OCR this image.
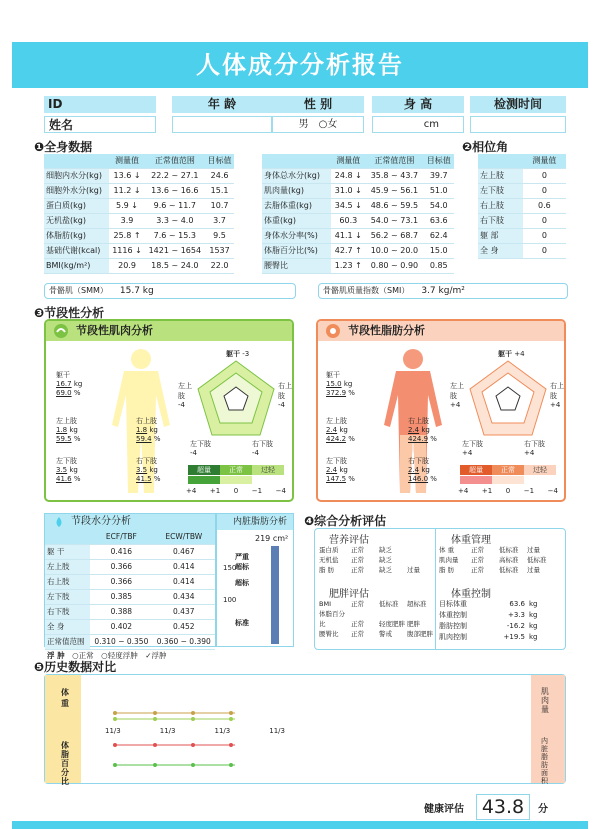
人体成分分析报告
ID
姓名
年 龄	性 别
男　○女
身 高
cm
检测时间
❶全身数据
	测量值	正常值范围	目标值
细胞内水分(kg)	13.6 ↓	22.2 ~ 27.1	24.6
细胞外水分(kg)	11.2 ↓	13.6 ~ 16.6	15.1
蛋白质(kg)	5.9 ↓	9.6 ~ 11.7	10.7
无机盐(kg)	3.9	3.3 ~ 4.0	3.7
体脂肪(kg)	25.8 ↑	7.6 ~ 15.3	9.5
基础代谢(kcal)	1116 ↓	1421 ~ 1654	1537
BMI(kg/m²)	20.9	18.5 ~ 24.0	22.0
	测量值	正常值范围	目标值
身体总水分(kg)	24.8 ↓	35.8 ~ 43.7	39.7
肌肉量(kg)	31.0 ↓	45.9 ~ 56.1	51.0
去脂体重(kg)	34.5 ↓	48.6 ~ 59.5	54.0
体重(kg)	60.3	54.0 ~ 73.1	63.6
身体水分率(%)	41.1 ↓	56.2 ~ 68.7	62.4
体脂百分比(%)	42.7 ↑	10.0 ~ 20.0	15.0
腰臀比	1.23 ↑	0.80 ~ 0.90	0.85
骨骼肌（SMM）　　 15.7 kg	骨骼肌质量指数（SMI）　　 3.7 kg/m²
❷相位角
	测量值
左上肢	0
左下肢	0
右上肢	0.6
右下肢	0
躯 部	0
全 身	0
❸节段性分析
节段性肌肉分析
躯干
16.7 kg
69.0 %
左上肢
1.8 kg
59.5 %
右上肢
1.8 kg
59.4 %
左下肢
3.5 kg
41.6 %
右下肢
3.5 kg
41.5 %
躯干 -3
左上肢
-4
右上肢
-4
左下肢
-4
右下肢
-4
超量	正常	过轻
+4 +1 0 −1 −4
节段性脂肪分析
躯干
15.0 kg
372.9 %
左上肢
2.4 kg
424.2 %
右上肢
2.4 kg
424.9 %
左下肢
2.4 kg
147.5 %
右下肢
2.4 kg
146.0 %
躯干 +4
左上肢
+4
右上肢
+4
左下肢
+4
右下肢
+4
超量	正常	过轻
+4 +1 0 −1 −4
节段水分分析
	ECF/TBF	ECW/TBW
躯 干	0.416	0.467
左上肢	0.366	0.414
右上肢	0.366	0.414
左下肢	0.385	0.434
右下肢	0.388	0.437
全 身	0.402	0.452
正常值范围	0.310 − 0.350	0.360 − 0.390
浮 肿　○正常　○轻度浮肿　✓浮肿
内脏脂肪分析
219 cm²
严重超标
150
超标
100
标准
❹综合分析评估
营养评估
蛋白质 正常 缺乏
无机盐 正常 缺乏
脂 肪	正常 缺乏 过量
肥胖评估
BMI	正常 低标准 超标准
体脂百分比	正常 轻度肥胖 肥胖
腰臀比 正常 警戒 腹部肥胖
体重管理
体 重	正常 低标准 过量
肌肉量 正常 高标准 低标准
脂 肪	正常 低标准 过量
体重控制
目标体重	63.6 kg
体重控制	+3.3 kg
脂肪控制	-16.2 kg
肌肉控制	+19.5 kg
❺历史数据对比
体重
体脂百分比
肌肉量
内脏脂肪面积
11/3	11/3	11/3	11/3
健康评估 43.8	分
